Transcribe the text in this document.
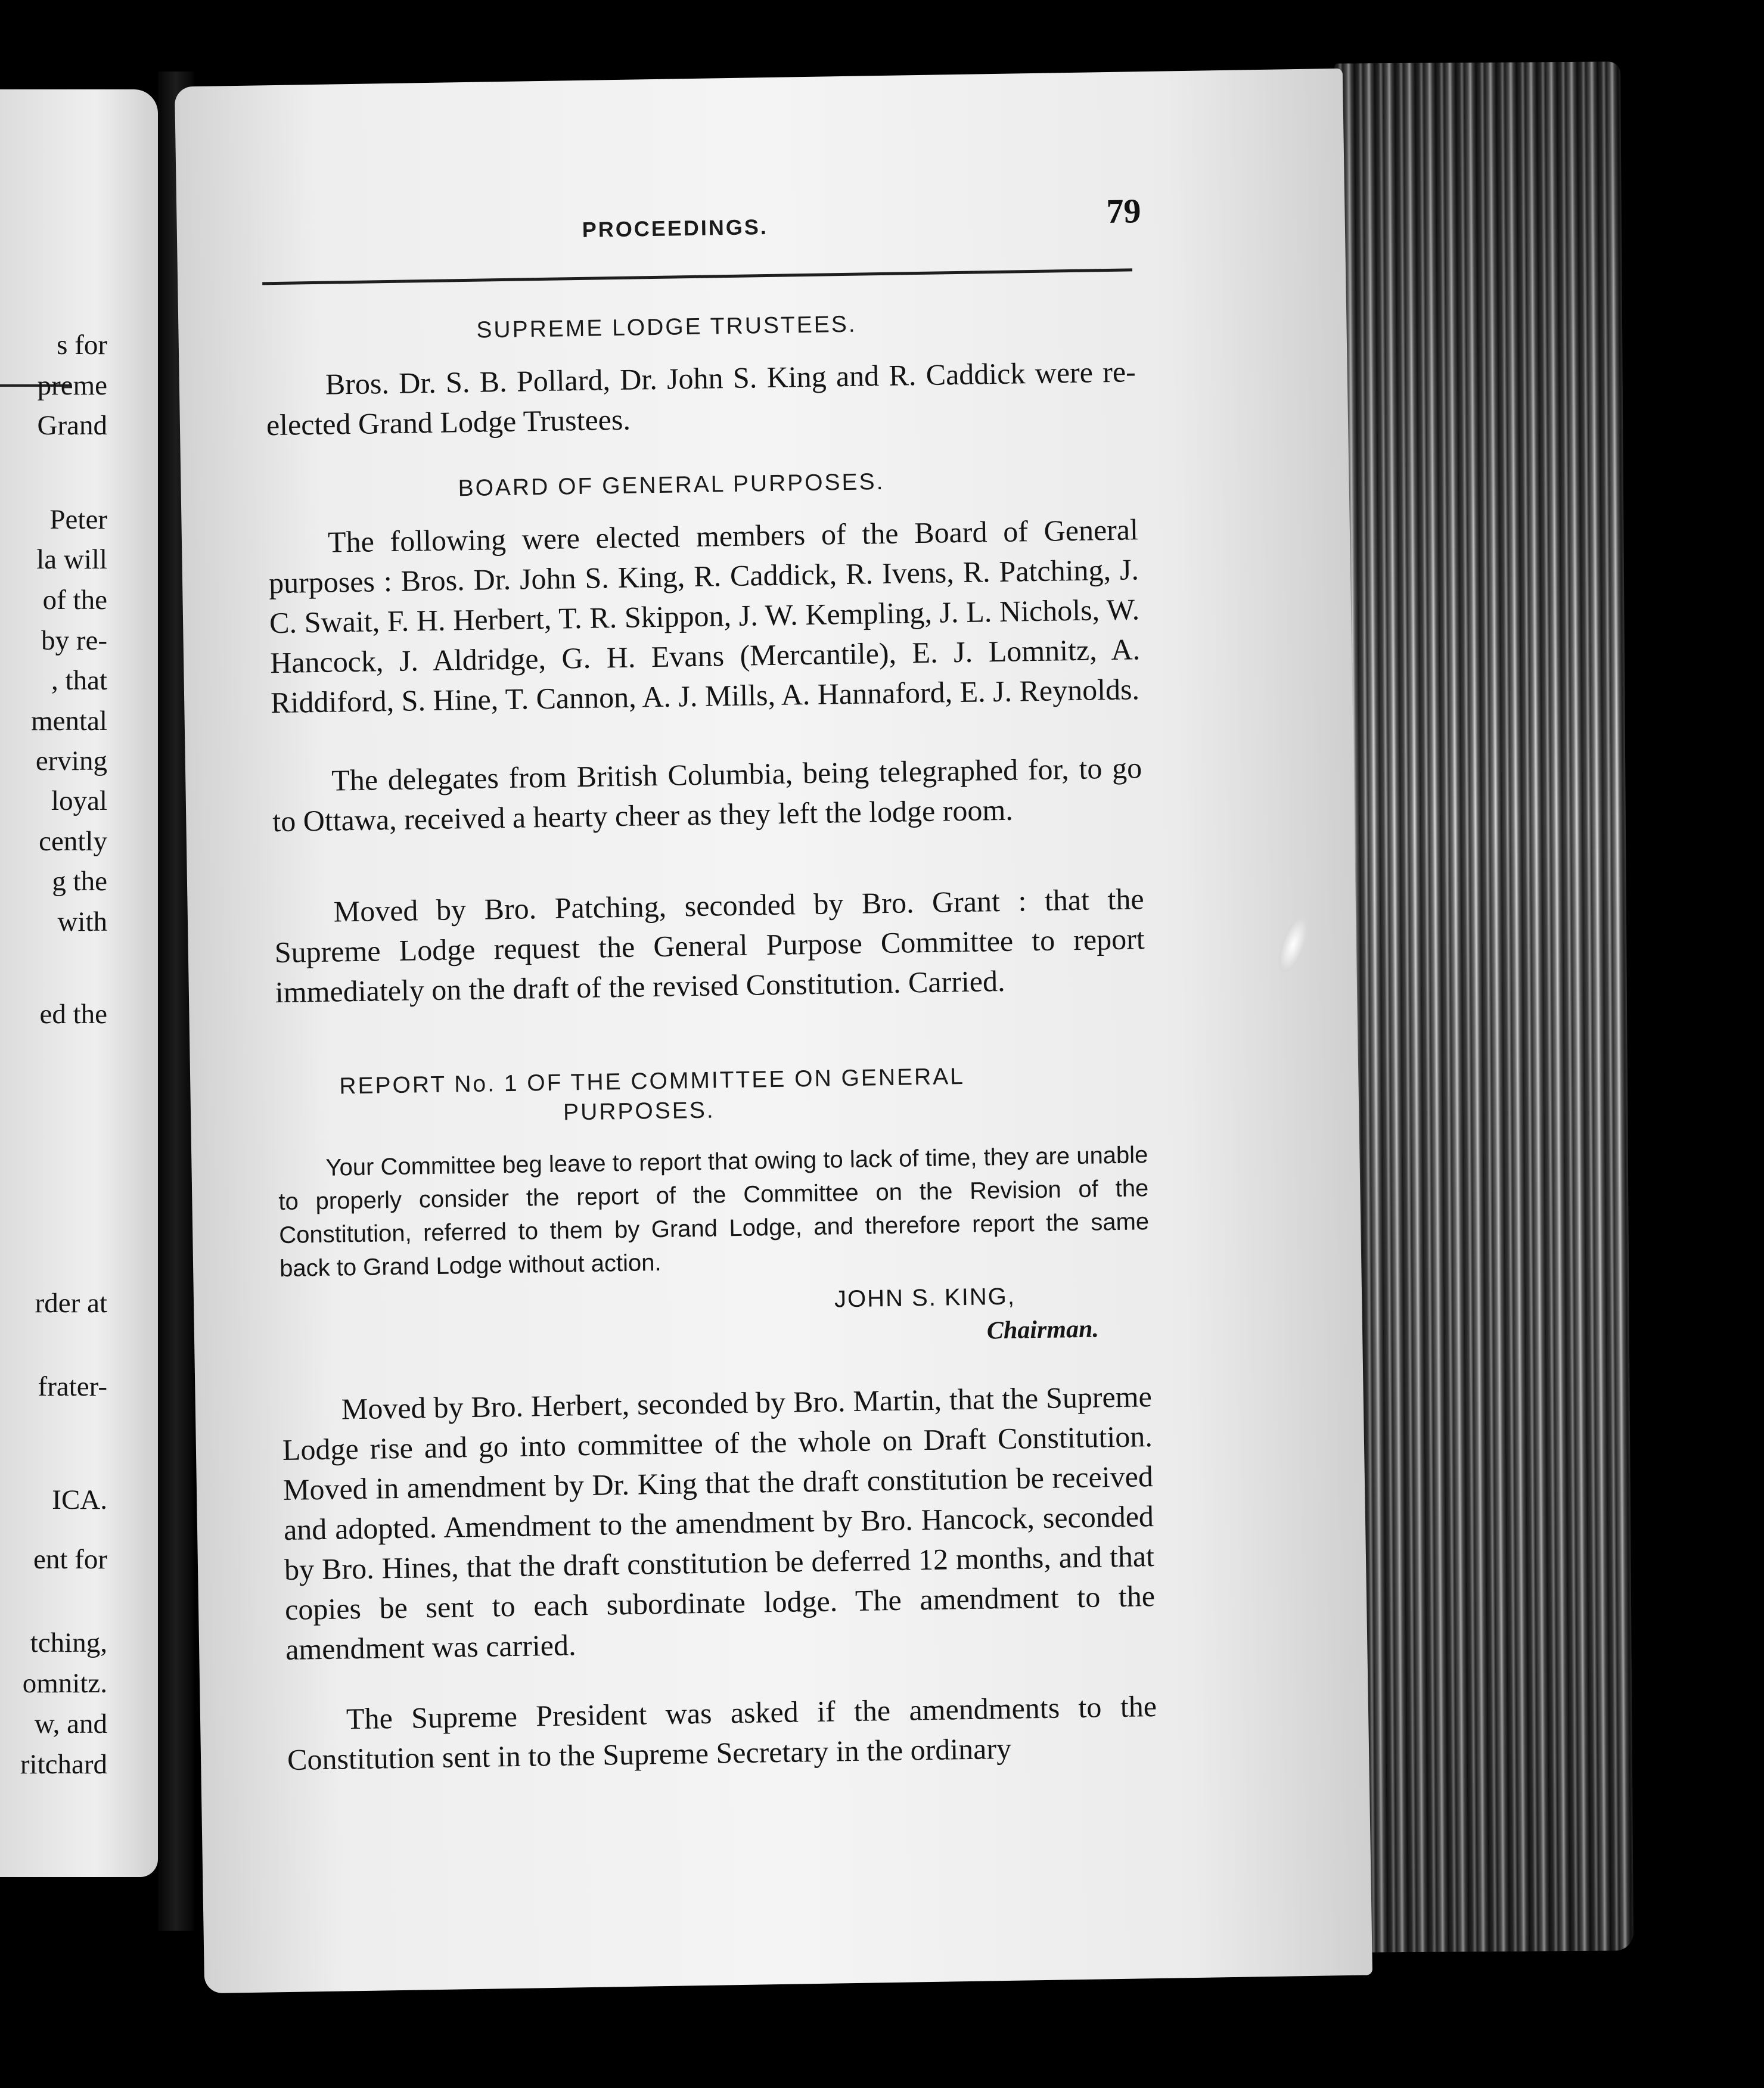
s for
preme
Grand
Peter
la will
of the
by re-
, that
mental
erving
loyal
cently
g the
with
ed the
rder at
frater-
ICA.
ent for
tching,
omnitz.
w, and
ritchard
PROCEEDINGS.	79
SUPREME LODGE TRUSTEES.
Bros. Dr. S. B. Pollard, Dr. John S. King and R. Caddick were re-elected Grand Lodge Trustees.
BOARD OF GENERAL PURPOSES.
The following were elected members of the Board of General purposes : Bros. Dr. John S. King, R. Caddick, R. Ivens, R. Patching, J. C. Swait, F. H. Herbert, T. R. Skippon, J. W. Kempling, J. L. Nichols, W. Hancock, J. Aldridge, G. H. Evans (Mercantile), E. J. Lomnitz, A. Riddiford, S. Hine, T. Cannon, A. J. Mills, A. Hannaford, E. J. Reynolds.
The delegates from British Columbia, being telegraphed for, to go to Ottawa, received a hearty cheer as they left the lodge room.
Moved by Bro. Patching, seconded by Bro. Grant : that the Supreme Lodge request the General Purpose Committee to report immediately on the draft of the revised Constitution. Carried.
REPORT No. 1 OF THE COMMITTEE ON GENERAL
PURPOSES.
Your Committee beg leave to report that owing to lack of time, they are unable to properly consider the report of the Committee on the Revision of the Constitution, referred to them by Grand Lodge, and therefore report the same back to Grand Lodge without action.
JOHN S. KING,
Chairman.
Moved by Bro. Herbert, seconded by Bro. Martin, that the Supreme Lodge rise and go into committee of the whole on Draft Constitution. Moved in amendment by Dr. King that the draft constitution be received and adopted. Amendment to the amendment by Bro. Hancock, seconded by Bro. Hines, that the draft constitution be deferred 12 months, and that copies be sent to each subordinate lodge. The amendment to the amendment was carried.
The Supreme President was asked if the amendments to the Constitution sent in to the Supreme Secretary in the ordinary
